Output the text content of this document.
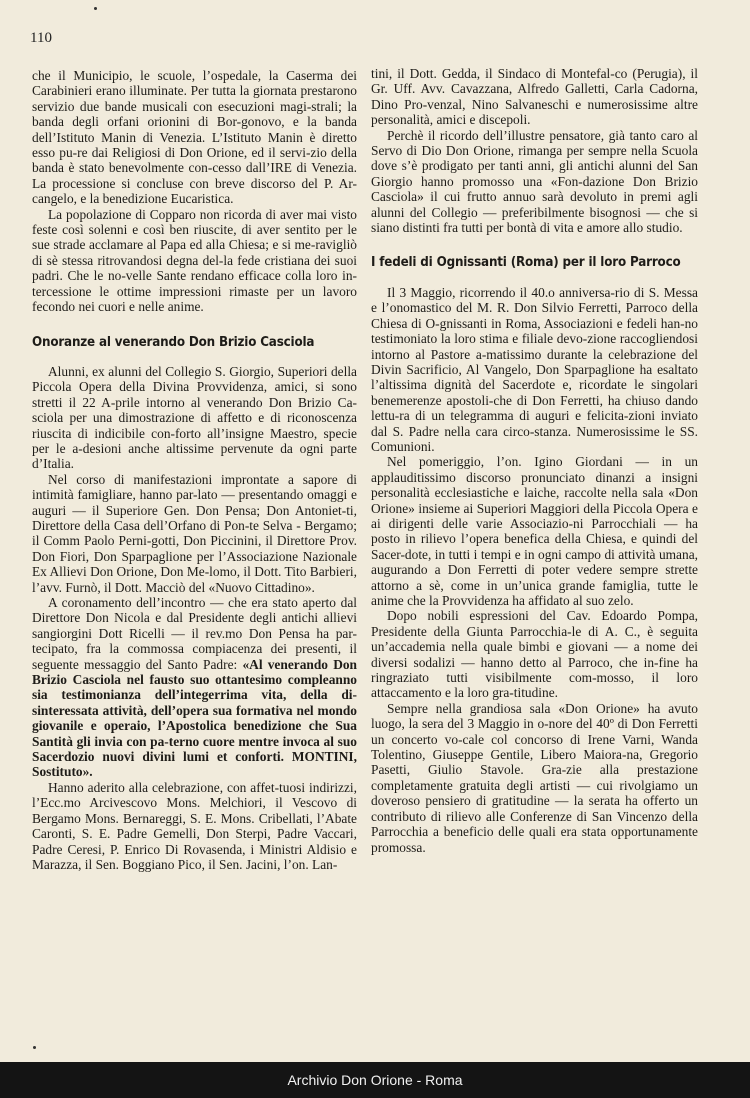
110

che il Municipio, le scuole, l’ospedale, la Caserma dei Carabinieri erano illuminate. Per tutta la giornata prestarono servizio due bande musicali con esecuzioni magi-strali; la banda degli orfani orionini di Bor-gonovo, e la banda dell’Istituto Manin di Venezia. L’Istituto Manin è diretto esso pu-re dai Religiosi di Don Orione, ed il servi-zio della banda è stato benevolmente con-cesso dall’IRE di Venezia. La processione si concluse con breve discorso del P. Ar-cangelo, e la benedizione Eucaristica.

La popolazione di Copparo non ricorda di aver mai visto feste così solenni e così ben riuscite, di aver sentito per le sue strade acclamare al Papa ed alla Chiesa; e si me-ravigliò di sè stessa ritrovandosi degna del-la fede cristiana dei suoi padri. Che le no-velle Sante rendano efficace colla loro in-tercessione le ottime impressioni rimaste per un lavoro fecondo nei cuori e nelle anime.

Onoranze al venerando Don Brizio Casciola

Alunni, ex alunni del Collegio S. Giorgio, Superiori della Piccola Opera della Divina Provvidenza, amici, si sono stretti il 22 A-prile intorno al venerando Don Brizio Ca-sciola per una dimostrazione di affetto e di riconoscenza riuscita di indicibile con-forto all’insigne Maestro, specie per le a-desioni anche altissime pervenute da ogni parte d’Italia.

Nel corso di manifestazioni improntate a sapore di intimità famigliare, hanno par-lato — presentando omaggi e auguri — il Superiore Gen. Don Pensa; Don Antoniet-ti, Direttore della Casa dell’Orfano di Pon-te Selva - Bergamo; il Comm Paolo Perni-gotti, Don Piccinini, il Direttore Prov. Don Fiori, Don Sparpaglione per l’Associazione Nazionale Ex Allievi Don Orione, Don Me-lomo, il Dott. Tito Barbieri, l’avv. Furnò, il Dott. Macciò del «Nuovo Cittadino».

A coronamento dell’incontro — che era stato aperto dal Direttore Don Nicola e dal Presidente degli antichi allievi sangiorgini Dott Ricelli — il rev.mo Don Pensa ha par-tecipato, fra la commossa compiacenza dei presenti, il seguente messaggio del Santo Padre: «Al venerando Don Brizio Casciola nel fausto suo ottantesimo compleanno sia testimonianza dell’integerrima vita, della di-sinteressata attività, dell’opera sua formativa nel mondo giovanile e operaio, l’Apostolica benedizione che Sua Santità gli invia con pa-terno cuore mentre invoca al suo Sacerdozio nuovi divini lumi et conforti. MONTINI, Sostituto».

Hanno aderito alla celebrazione, con affet-tuosi indirizzi, l’Ecc.mo Arcivescovo Mons. Melchiori, il Vescovo di Bergamo Mons. Bernareggi, S. E. Mons. Cribellati, l’Abate Caronti, S. E. Padre Gemelli, Don Sterpi, Padre Vaccari, Padre Ceresi, P. Enrico Di Rovasenda, i Ministri Aldisio e Marazza, il Sen. Boggiano Pico, il Sen. Jacini, l’on. Lan-

tini, il Dott. Gedda, il Sindaco di Montefal-co (Perugia), il Gr. Uff. Avv. Cavazzana, Alfredo Galletti, Carla Cadorna, Dino Pro-venzal, Nino Salvaneschi e numerosissime altre personalità, amici e discepoli.

Perchè il ricordo dell’illustre pensatore, già tanto caro al Servo di Dio Don Orione, rimanga per sempre nella Scuola dove s’è prodigato per tanti anni, gli antichi alunni del San Giorgio hanno promosso una «Fon-dazione Don Brizio Casciola» il cui frutto annuo sarà devoluto in premi agli alunni del Collegio — preferibilmente bisognosi — che si siano distinti fra tutti per bontà di vita e amore allo studio.

I fedeli di Ognissanti (Roma) per il loro Parroco

Il 3 Maggio, ricorrendo il 40.o anniversa-rio di S. Messa e l’onomastico del M. R. Don Silvio Ferretti, Parroco della Chiesa di O-gnissanti in Roma, Associazioni e fedeli han-no testimoniato la loro stima e filiale devo-zione raccogliendosi intorno al Pastore a-matissimo durante la celebrazione del Divin Sacrificio, Al Vangelo, Don Sparpaglione ha esaltato l’altissima dignità del Sacerdote e, ricordate le singolari benemerenze apostoli-che di Don Ferretti, ha chiuso dando lettu-ra di un telegramma di auguri e felicita-zioni inviato dal S. Padre nella cara circo-stanza. Numerosissime le SS. Comunioni.

Nel pomeriggio, l’on. Igino Giordani — in un applauditissimo discorso pronunciato dinanzi a insigni personalità ecclesiastiche e laiche, raccolte nella sala «Don Orione» insieme ai Superiori Maggiori della Piccola Opera e ai dirigenti delle varie Associazio-ni Parrocchiali — ha posto in rilievo l’opera benefica della Chiesa, e quindi del Sacer-dote, in tutti i tempi e in ogni campo di attività umana, augurando a Don Ferretti di poter vedere sempre strette attorno a sè, come in un’unica grande famiglia, tutte le anime che la Provvidenza ha affidato al suo zelo.

Dopo nobili espressioni del Cav. Edoardo Pompa, Presidente della Giunta Parrocchia-le di A. C., è seguita un’accademia nella quale bimbi e giovani — a nome dei diversi sodalizi — hanno detto al Parroco, che in-fine ha ringraziato tutti visibilmente com-mosso, il loro attaccamento e la loro gra-titudine.

Sempre nella grandiosa sala «Don Orione» ha avuto luogo, la sera del 3 Maggio in o-nore del 40º di Don Ferretti un concerto vo-cale col concorso di Irene Varni, Wanda Tolentino, Giuseppe Gentile, Libero Maiora-na, Gregorio Pasetti, Giulio Stavole. Gra-zie alla prestazione completamente gratuita degli artisti — cui rivolgiamo un doveroso pensiero di gratitudine — la serata ha offerto un contributo di rilievo alle Conferenze di San Vincenzo della Parrocchia a beneficio delle quali era stata opportunamente promossa.

Archivio Don Orione - Roma
